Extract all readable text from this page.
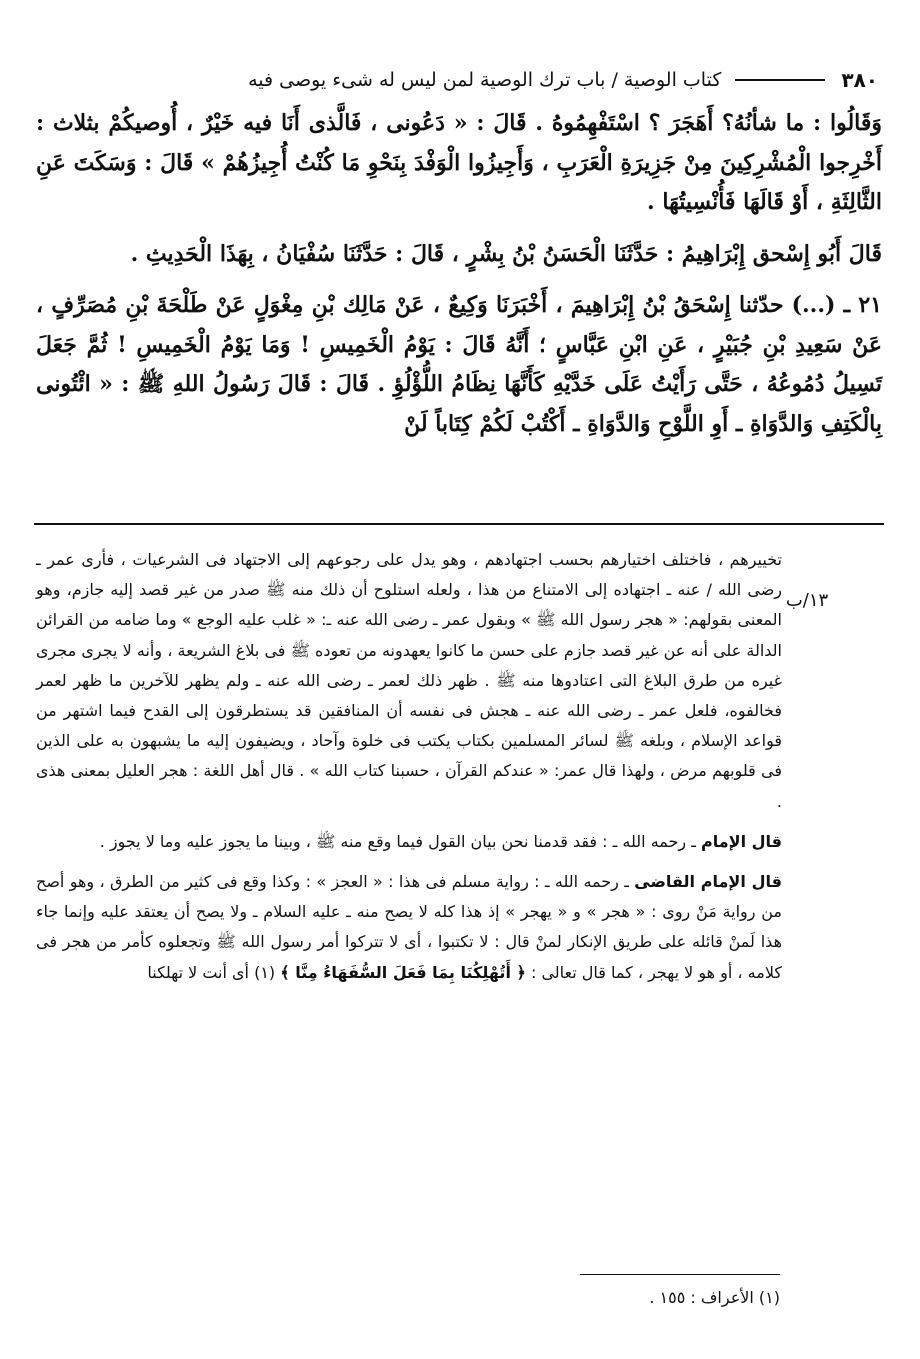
٣٨٠
كتاب الوصية / باب ترك الوصية لمن ليس له شىء يوصى فيه

وَقَالُوا : ما شأنُهُ؟ أَهَجَرَ ؟ اسْتَفْهِمُوهُ . قَالَ : « دَعُونى ، فَالَّذى أَنَا فيه خَيْرٌ ، أُوصيكُمْ بثلاث : أَخْرِجوا الْمُشْرِكِينَ مِنْ جَزِيرَةِ الْعَرَبِ ، وَأَجِيزُوا الْوَفْدَ بِنَحْوِ مَا كُنْتُ أُجِيزُهُمْ » قَالَ : وَسَكَتَ عَنِ الثَّالِثَةِ ، أَوْ قَالَهَا فَأُنْسِيتُهَا .

قَالَ أَبُو إِسْحق إِبْرَاهِيمُ : حَدَّثَنَا الْحَسَنُ بْنُ بِشْرٍ ، قَالَ : حَدَّثَنَا سُفْيَانُ ، بِهَذَا الْحَدِيثِ .

٢١ ـ (...)حدّثنا إِسْحَقُ بْنُ إِبْرَاهِيمَ ، أَخْبَرَنَا وَكِيعٌ ، عَنْ مَالِك بْنِ مِغْوَلٍ عَنْ طَلْحَةَ بْنِ مُصَرِّفٍ ، عَنْ سَعِيدِ بْنِ جُبَيْرٍ ، عَنِ ابْنِ عَبَّاسٍ ؛ أَنَّهُ قَالَ : يَوْمُ الْخَمِيسِ ! وَمَا يَوْمُ الْخَمِيسِ ! ثُمَّ جَعَلَ تَسِيلُ دُمُوعُهُ ، حَتَّى رَأَيْتُ عَلَى خَدَّيْهِ كَأَنَّهَا نِظَامُ اللُّؤْلُؤِ . قَالَ : قَالَ رَسُولُ اللهِ ﷺ : « ائْتُونى بِالْكَتِفِ وَالدَّوَاةِ ـ أَوِ اللَّوْحِ وَالدَّوَاةِ ـ أَكْتُبْ لَكُمْ كِتَاباً لَنْ

١٣/ب

تخييرهم ، فاختلف اختيارهم بحسب اجتهادهم ، وهو يدل على رجوعهم إلى الاجتهاد فى الشرعيات ، فأرى عمر ـ رضى الله / عنه ـ اجتهاده إلى الامتناع من هذا ، ولعله استلوح أن ذلك منه ﷺ صدر من غير قصد إليه جازم، وهو المعنى بقولهم: « هجر رسول الله ﷺ » وبقول عمر ـ رضى الله عنه ـ: « غلب عليه الوجع » وما ضامه من القرائن الدالة على أنه عن غير قصد جازم على حسن ما كانوا يعهدونه من تعوده ﷺ فى بلاغ الشريعة ، وأنه لا يجرى مجرى غيره من طرق البلاغ التى اعتادوها منه ﷺ . ظهر ذلك لعمر ـ رضى الله عنه ـ ولم يظهر للآخرين ما ظهر لعمر فخالفوه، فلعل عمر ـ رضى الله عنه ـ هجش فى نفسه أن المنافقين قد يستطرقون إلى القدح فيما اشتهر من قواعد الإسلام ، وبلغه ﷺ لسائر المسلمين بكتاب يكتب فى خلوة وآحاد ، ويضيفون إليه ما يشبهون به على الذين فى قلوبهم مرض ، ولهذا قال عمر: « عندكم القرآن ، حسبنا كتاب الله » . قال أهل اللغة : هجر العليل بمعنى هذى .

قال الإمام ـ رحمه الله ـ : فقد قدمنا نحن بيان القول فيما وقع منه ﷺ ، وبينا ما يجوز عليه وما لا يجوز .

قال الإمام القاضى ـ رحمه الله ـ : رواية مسلم فى هذا : « العجز » : وكذا وقع فى كثير من الطرق ، وهو أصح من رواية مَنْ روى : « هجر » و « يهجر » إذ هذا كله لا يصح منه ـ عليه السلام ـ ولا يصح أن يعتقد عليه وإنما جاء هذا لَمنْ قائله على طريق الإنكار لمنْ قال : لا تكتبوا ، أى لا تتركوا أمر رسول الله ﷺ وتجعلوه كأمر من هجر فى كلامه ، أو هو لا يهجر ، كما قال تعالى : ﴿ أَتُهْلِكُنَا بِمَا فَعَلَ السُّفَهَاءُ مِنَّا ﴾ (١) أى أنت لا تهلكنا

(١) الأعراف : ١٥٥ .
